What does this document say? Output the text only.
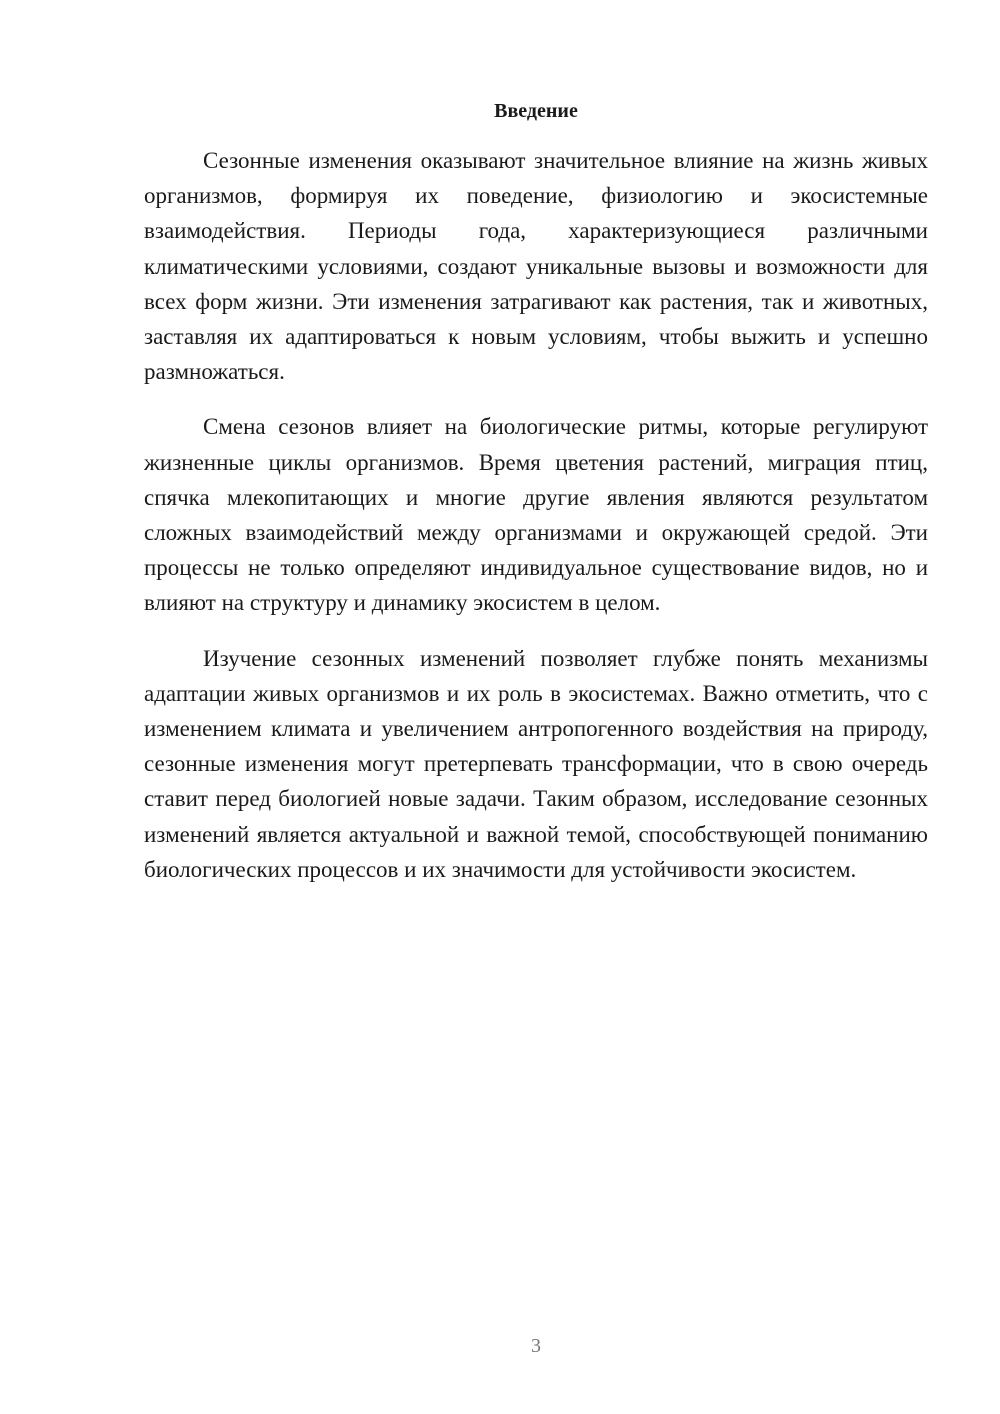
Введение

Сезонные изменения оказывают значительное влияние на жизнь живых организмов, формируя их поведение, физиологию и экосистемные взаимодействия. Периоды года, характеризующиеся различными климатическими условиями, создают уникальные вызовы и возможности для всех форм жизни. Эти изменения затрагивают как растения, так и животных, заставляя их адаптироваться к новым условиям, чтобы выжить и успешно размножаться.

Смена сезонов влияет на биологические ритмы, которые регулируют жизненные циклы организмов. Время цветения растений, миграция птиц, спячка млекопитающих и многие другие явления являются результатом сложных взаимодействий между организмами и окружающей средой. Эти процессы не только определяют индивидуальное существование видов, но и влияют на структуру и динамику экосистем в целом.

Изучение сезонных изменений позволяет глубже понять механизмы адаптации живых организмов и их роль в экосистемах. Важно отметить, что с изменением климата и увеличением антропогенного воздействия на природу, сезонные изменения могут претерпевать трансформации, что в свою очередь ставит перед биологией новые задачи. Таким образом, исследование сезонных изменений является актуальной и важной темой, способствующей пониманию биологических процессов и их значимости для устойчивости экосистем.

3
